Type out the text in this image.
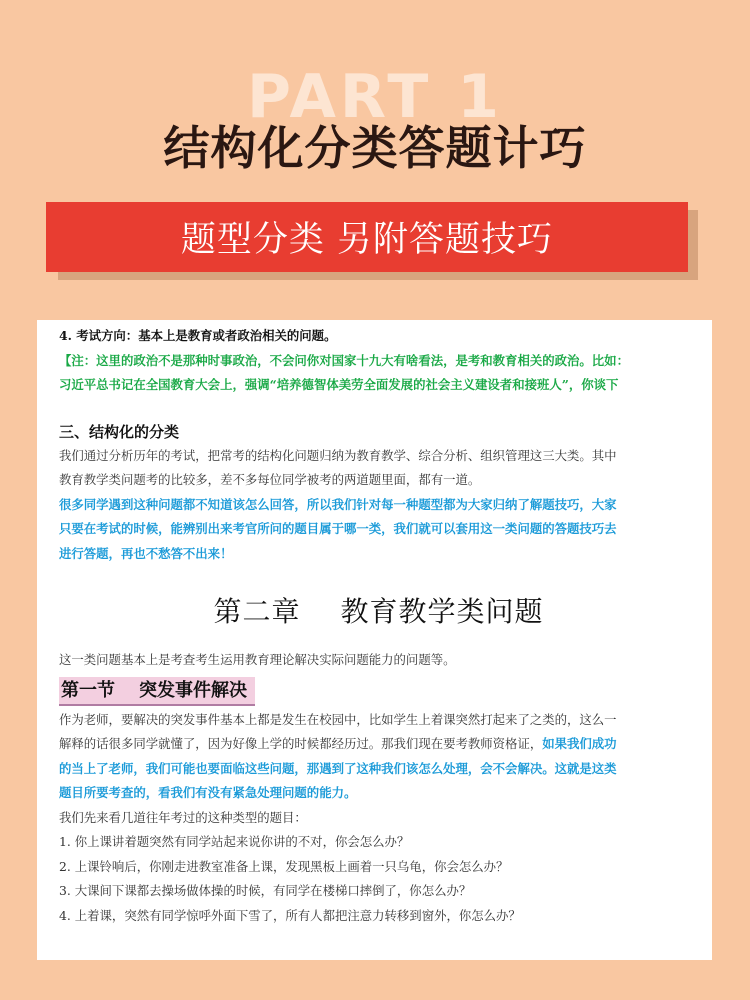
PART 1
结构化分类答题计巧
题型分类 另附答题技巧
4. 考试方向：基本上是教育或者政治相关的问题。
【注：这里的政治不是那种时事政治，不会问你对国家十九大有啥看法，是考和教育相关的政治。比如：
习近平总书记在全国教育大会上，强调“培养德智体美劳全面发展的社会主义建设者和接班人”，你谈下
三、结构化的分类
我们通过分析历年的考试，把常考的结构化问题归纳为教育教学、综合分析、组织管理这三大类。其中
教育教学类问题考的比较多，差不多每位同学被考的两道题里面，都有一道。
很多同学遇到这种问题都不知道该怎么回答，所以我们针对每一种题型都为大家归纳了解题技巧，大家
只要在考试的时候，能辨别出来考官所问的题目属于哪一类，我们就可以套用这一类问题的答题技巧去
进行答题，再也不愁答不出来！
第二章 教育教学类问题
这一类问题基本上是考查考生运用教育理论解决实际问题能力的问题等。
第一节 突发事件解决
作为老师，要解决的突发事件基本上都是发生在校园中，比如学生上着课突然打起来了之类的，这么一
解释的话很多同学就懂了，因为好像上学的时候都经历过。那我们现在要考教师资格证，如果我们成功
的当上了老师，我们可能也要面临这些问题，那遇到了这种我们该怎么处理，会不会解决。这就是这类
题目所要考查的，看我们有没有紧急处理问题的能力。
我们先来看几道往年考过的这种类型的题目：
1. 你上课讲着题突然有同学站起来说你讲的不对，你会怎么办？
2. 上课铃响后，你刚走进教室准备上课，发现黑板上画着一只乌龟，你会怎么办？
3. 大课间下课都去操场做体操的时候，有同学在楼梯口摔倒了，你怎么办？
4. 上着课，突然有同学惊呼外面下雪了，所有人都把注意力转移到窗外，你怎么办？
